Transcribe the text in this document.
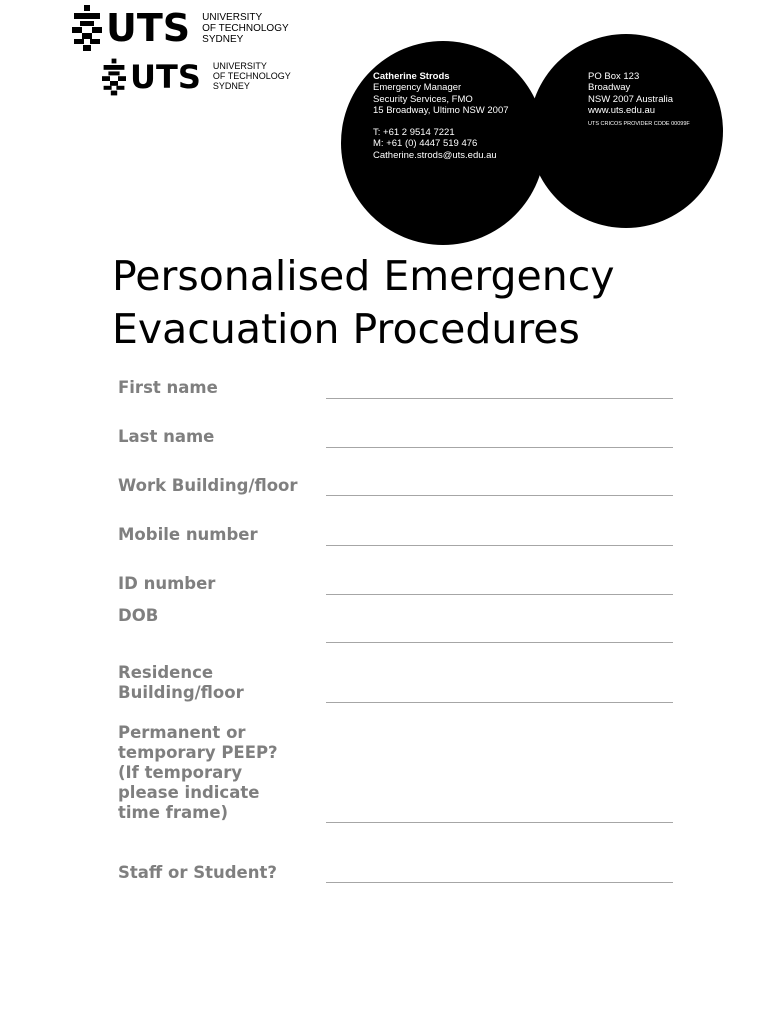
UTS UNIVERSITY
OF TECHNOLOGY
SYDNEY
UTS UNIVERSITY
OF TECHNOLOGY
SYDNEY
Catherine Strods
Emergency Manager
Security Services, FMO
15 Broadway, Ultimo NSW 2007
T: +61 2 9514 7221
M: +61 (0) 4447 519 476
Catherine.strods@uts.edu.au
PO Box 123
Broadway
NSW 2007 Australia
www.uts.edu.au
UTS CRICOS PROVIDER CODE 00099F
Personalised Emergency
Evacuation Procedures
First name
Last name
Work Building/floor
Mobile number
ID number
DOB
Residence
Building/floor
Permanent or
temporary PEEP?
(If temporary
please indicate
time frame)
Staff or Student?
